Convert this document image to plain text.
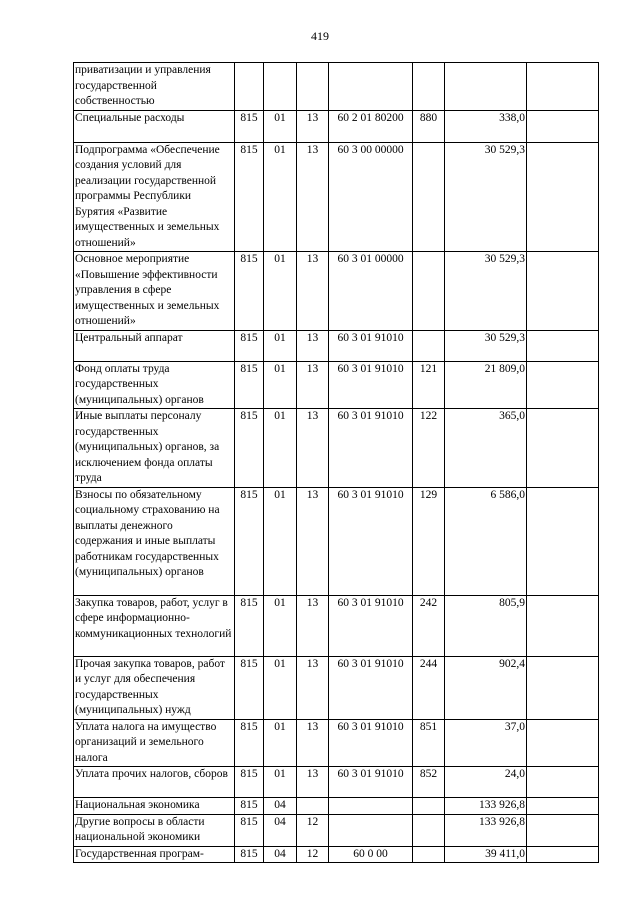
419
приватизации и управления государственной собственностью							
Специальные расходы	815	01	13	60 2 01 80200	880	338,0	
Подпрограмма «Обеспечение создания условий для реализации государственной программы Республики Бурятия «Развитие имущественных и земельных отношений»	815	01	13	60 3 00 00000		30 529,3	
Основное мероприятие «Повышение эффективности управления в сфере имущественных и земельных отношений»	815	01	13	60 3 01 00000		30 529,3	
Центральный аппарат	815	01	13	60 3 01 91010		30 529,3	
Фонд оплаты труда государственных (муниципальных) органов	815	01	13	60 3 01 91010	121	21 809,0	
Иные выплаты персоналу государственных (муниципальных) органов, за исключением фонда оплаты труда	815	01	13	60 3 01 91010	122	365,0	
Взносы по обязательному социальному страхованию на выплаты денежного содержания и иные выплаты работникам государственных (муниципальных) органов	815	01	13	60 3 01 91010	129	6 586,0	
Закупка товаров, работ, услуг в сфере информационно-коммуникационных технологий	815	01	13	60 3 01 91010	242	805,9	
Прочая закупка товаров, работ и услуг для обеспечения государственных (муниципальных) нужд	815	01	13	60 3 01 91010	244	902,4	
Уплата налога на имущество организаций и земельного налога	815	01	13	60 3 01 91010	851	37,0	
Уплата прочих налогов, сборов	815	01	13	60 3 01 91010	852	24,0	
Национальная экономика	815	04				133 926,8	
Другие вопросы в области национальной экономики	815	04	12			133 926,8	
Государственная програм-	815	04	12	60 0 00		39 411,0	
